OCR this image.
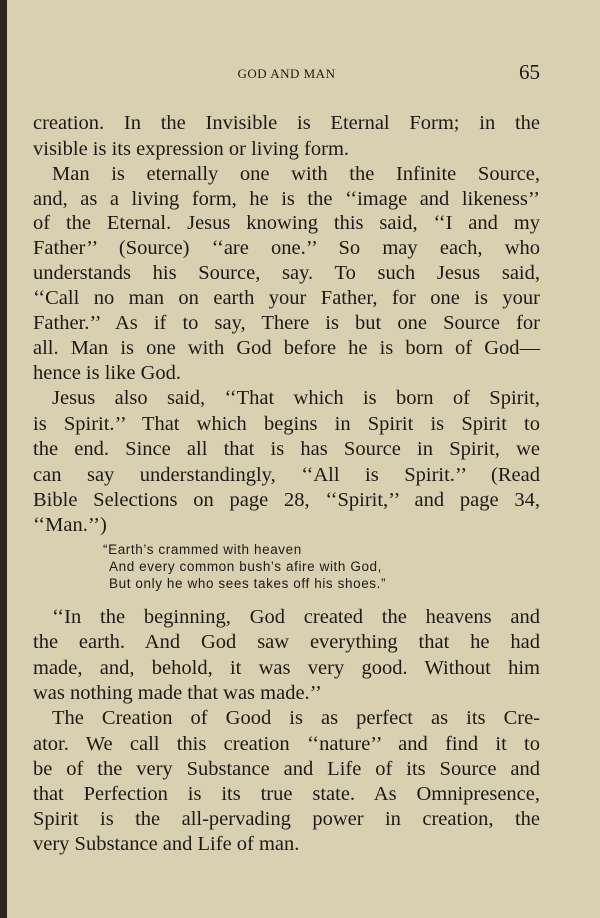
GOD AND MAN	65
creation. In the Invisible is Eternal Form; in the
visible is its expression or living form.
Man is eternally one with the Infinite Source,
and, as a living form, he is the ‘‘image and likeness’’
of the Eternal. Jesus knowing this said, ‘‘I and my
Father’’ (Source) ‘‘are one.’’ So may each, who
understands his Source, say. To such Jesus said,
‘‘Call no man on earth your Father, for one is your
Father.’’ As if to say, There is but one Source for
all. Man is one with God before he is born of God—
hence is like God.
Jesus also said, ‘‘That which is born of Spirit,
is Spirit.’’ That which begins in Spirit is Spirit to
the end. Since all that is has Source in Spirit, we
can say understandingly, ‘‘All is Spirit.’’ (Read
Bible Selections on page 28, ‘‘Spirit,’’ and page 34,
‘‘Man.’’)
“Earth’s crammed with heaven
And every common bush’s afire with God,
But only he who sees takes off his shoes.”
‘‘In the beginning, God created the heavens and
the earth. And God saw everything that he had
made, and, behold, it was very good. Without him
was nothing made that was made.’’
The Creation of Good is as perfect as its Cre-
ator. We call this creation ‘‘nature’’ and find it to
be of the very Substance and Life of its Source and
that Perfection is its true state. As Omnipresence,
Spirit is the all-pervading power in creation, the
very Substance and Life of man.
